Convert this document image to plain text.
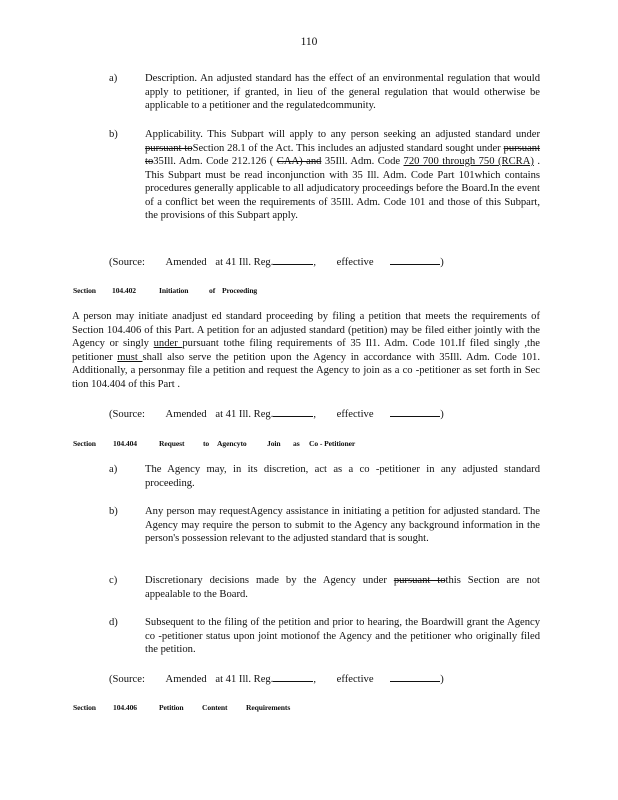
110
a)	Description. An adjusted standard has the effect of an environmental regulation that would apply to petitioner, if granted, in lieu of the general regulation that would otherwise be applicable to a petitioner and the regulatedcommunity.
b)	Applicability. This Subpart will apply to any person seeking an adjusted standard under pursuant toSection 28.1 of the Act. This includes an adjusted standard sought under pursuant to35Ill. Adm. Code 212.126 ( CAA) and 35Ill. Adm. Code 720 700 through 750 (RCRA) . This Subpart must be read inconjunction with 35 Ill. Adm. Code Part 101which contains procedures generally applicable to all adjudicatory proceedings before the Board.In the event of a conflict bet ween the requirements of 35Ill. Adm. Code 101 and those of this Subpart, the provisions of this Subpart apply.
(Source: Amended at 41 Ill. Reg.	, effective	)
Section 104.402	Initiation	of Proceeding
A person may initiate anadjust ed standard proceeding by filing a petition that meets the requirements of Section 104.406 of this Part. A petition for an adjusted standard (petition) may be filed either jointly with the Agency or singly under pursuant tothe filing requirements of 35 Il1. Adm. Code 101.If filed singly ,the petitioner must shall also serve the petition upon the Agency in accordance with 35Ill. Adm. Code 101. Additionally, a personmay file a petition and request the Agency to join as a co -petitioner as set forth in Sec tion 104.404 of this Part .
(Source: Amended at 41 Ill. Reg.	, effective	)
Section 104.404	Request to Agencyto	Join as Co - Petitioner
a)	The Agency may, in its discretion, act as a co -petitioner in any adjusted standard proceeding.
b)	Any person may requestAgency assistance in initiating a petition for adjusted standard. The Agency may require the person to submit to the Agency any background information in the person's possession relevant to the adjusted standard that is sought.
c)	Discretionary decisions made by the Agency under pursuant tothis Section are not appealable to the Board.
d)	Subsequent to the filing of the petition and prior to hearing, the Boardwill grant the Agency co -petitioner status upon joint motionof the Agency and the petitioner who originally filed the petition.
(Source: Amended at 41 Ill. Reg.	, effective	)
Section 104.406	Petition Content Requirements
